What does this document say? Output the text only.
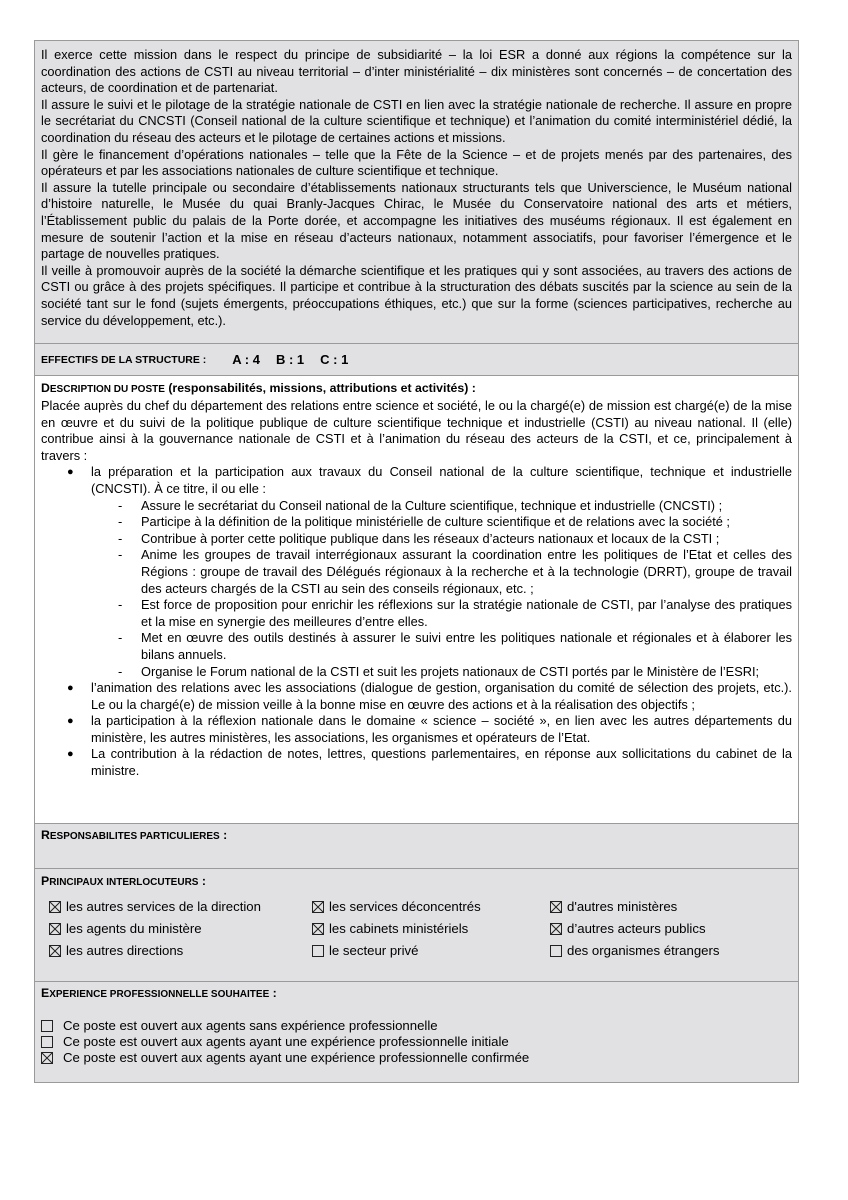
Il exerce cette mission dans le respect du principe de subsidiarité – la loi ESR a donné aux régions la compétence sur la coordination des actions de CSTI au niveau territorial – d’inter ministérialité – dix ministères sont concernés – de concertation des acteurs, de coordination et de partenariat.

Il assure le suivi et le pilotage de la stratégie nationale de CSTI en lien avec la stratégie nationale de recherche. Il assure en propre le secrétariat du CNCSTI (Conseil national de la culture scientifique et technique) et l’animation du comité interministériel dédié, la coordination du réseau des acteurs et le pilotage de certaines actions et missions.

Il gère le financement d’opérations nationales – telle que la Fête de la Science – et de projets menés par des partenaires, des opérateurs et par les associations nationales de culture scientifique et technique.

Il assure la tutelle principale ou secondaire d’établissements nationaux structurants tels que Universcience, le Muséum national d’histoire naturelle, le Musée du quai Branly-Jacques Chirac, le Musée du Conservatoire national des arts et métiers, l’Établissement public du palais de la Porte dorée, et accompagne les initiatives des muséums régionaux. Il est également en mesure de soutenir l’action et la mise en réseau d’acteurs nationaux, notamment associatifs, pour favoriser l’émergence et le partage de nouvelles pratiques.

Il veille à promouvoir auprès de la société la démarche scientifique et les pratiques qui y sont associées, au travers des actions de CSTI ou grâce à des projets spécifiques. Il participe et contribue à la structuration des débats suscités par la science au sein de la société tant sur le fond (sujets émergents, préoccupations éthiques, etc.) que sur la forme (sciences participatives, recherche au service du développement, etc.).

EFFECTIFS DE LA STRUCTURE : A : 4 B : 1 C : 1
DESCRIPTION DU POSTE (responsabilités, missions, attributions et activités) :

Placée auprès du chef du département des relations entre science et société, le ou la chargé(e) de mission est chargé(e) de la mise en œuvre et du suivi de la politique publique de culture scientifique technique et industrielle (CSTI) au niveau national. Il (elle) contribue ainsi à la gouvernance nationale de CSTI et à l’animation du réseau des acteurs de la CSTI, et ce, principalement à travers :

● la préparation et la participation aux travaux du Conseil national de la culture scientifique, technique et industrielle (CNCSTI). À ce titre, il ou elle :
- Assure le secrétariat du Conseil national de la Culture scientifique, technique et industrielle (CNCSTI) ;
- Participe à la définition de la politique ministérielle de culture scientifique et de relations avec la société ;
- Contribue à porter cette politique publique dans les réseaux d’acteurs nationaux et locaux de la CSTI ;
- Anime les groupes de travail interrégionaux assurant la coordination entre les politiques de l’Etat et celles des Régions : groupe de travail des Délégués régionaux à la recherche et à la technologie (DRRT), groupe de travail des acteurs chargés de la CSTI au sein des conseils régionaux, etc. ;
- Est force de proposition pour enrichir les réflexions sur la stratégie nationale de CSTI, par l’analyse des pratiques et la mise en synergie des meilleures d’entre elles.
- Met en œuvre des outils destinés à assurer le suivi entre les politiques nationale et régionales et à élaborer les bilans annuels.
- Organise le Forum national de la CSTI et suit les projets nationaux de CSTI portés par le Ministère de l’ESRI;
● l’animation des relations avec les associations (dialogue de gestion, organisation du comité de sélection des projets, etc.). Le ou la chargé(e) de mission veille à la bonne mise en œuvre des actions et à la réalisation des objectifs ;
● la participation à la réflexion nationale dans le domaine « science – société », en lien avec les autres départements du ministère, les autres ministères, les associations, les organismes et opérateurs de l’Etat.
● La contribution à la rédaction de notes, lettres, questions parlementaires, en réponse aux sollicitations du cabinet de la ministre.
RESPONSABILITES PARTICULIERES :
PRINCIPAUX INTERLOCUTEURS :
les autres services de la direction	les services déconcentrés	d'autres ministères
les agents du ministère	les cabinets ministériels	d’autres acteurs publics
les autres directions	le secteur privé	des organismes étrangers
EXPERIENCE PROFESSIONNELLE SOUHAITEE :
Ce poste est ouvert aux agents sans expérience professionnelle
Ce poste est ouvert aux agents ayant une expérience professionnelle initiale
Ce poste est ouvert aux agents ayant une expérience professionnelle confirmée
